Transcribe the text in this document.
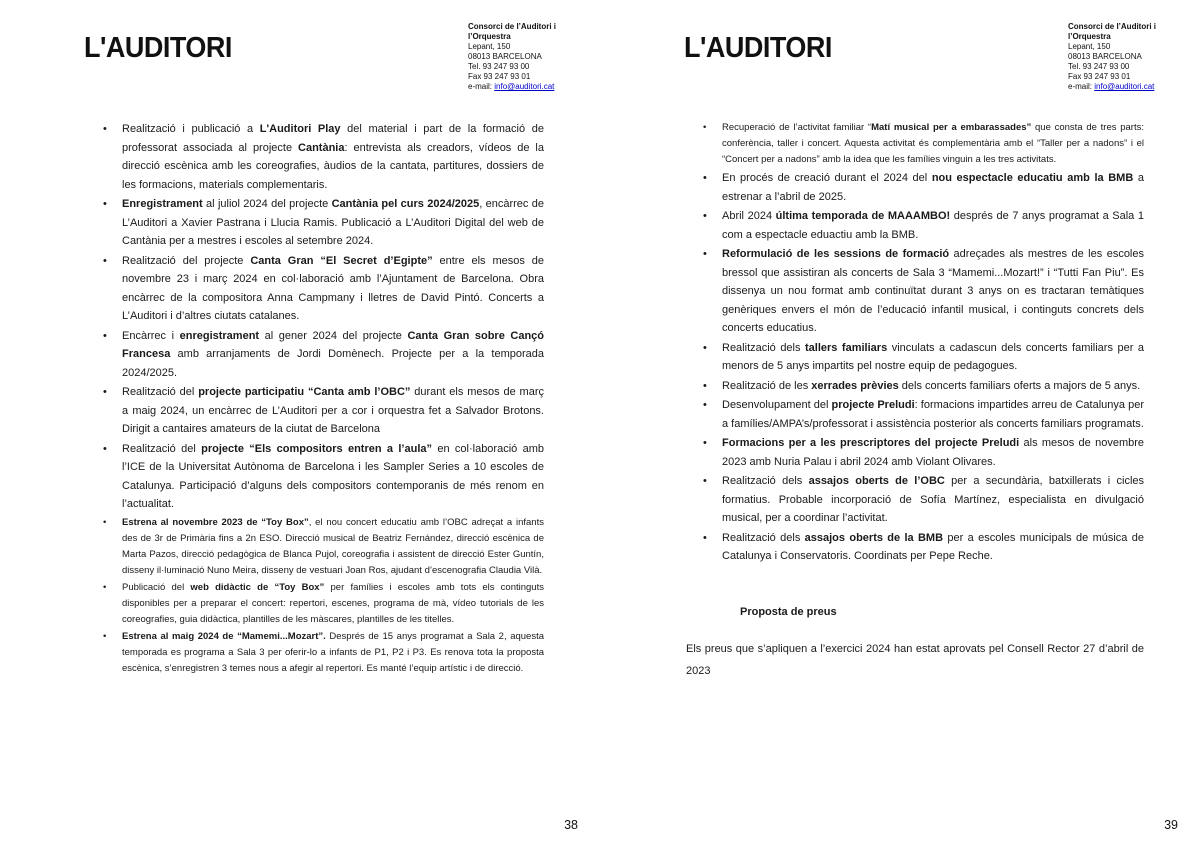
L'AUDITORI
Consorci de l’Auditori i l’Orquestra
Lepant, 150
08013 BARCELONA
Tel. 93 247 93 00
Fax 93 247 93 01
e-mail: info@auditori.cat
• Realització i publicació a L'Auditori Play del material i part de la formació de professorat associada al projecte Cantània: entrevista als creadors, vídeos de la direcció escènica amb les coreografies, àudios de la cantata, partitures, dossiers de les formacions, materials complementaris.
• Enregistrament al juliol 2024 del projecte Cantània pel curs 2024/2025, encàrrec de L’Auditori a Xavier Pastrana i Llucia Ramis. Publicació a L’Auditori Digital del web de Cantània per a mestres i escoles al setembre 2024.
• Realització del projecte Canta Gran “El Secret d’Egipte” entre els mesos de novembre 23 i març 2024 en col·laboració amb l’Ajuntament de Barcelona. Obra encàrrec de la compositora Anna Campmany i lletres de David Pintó. Concerts a L’Auditori i d’altres ciutats catalanes.
• Encàrrec i enregistrament al gener 2024 del projecte Canta Gran sobre Cançó Francesa amb arranjaments de Jordi Domènech. Projecte per a la temporada 2024/2025.
• Realització del projecte participatiu “Canta amb l’OBC” durant els mesos de març a maig 2024, un encàrrec de L’Auditori per a cor i orquestra fet a Salvador Brotons. Dirigit a cantaires amateurs de la ciutat de Barcelona
• Realització del projecte “Els compositors entren a l’aula” en col·laboració amb l’ICE de la Universitat Autònoma de Barcelona i les Sampler Series a 10 escoles de Catalunya. Participació d’alguns dels compositors contemporanis de més renom en l’actualitat.
• Estrena al novembre 2023 de “Toy Box”, el nou concert educatiu amb l’OBC adreçat a infants des de 3r de Primària fins a 2n ESO. Direcció musical de Beatriz Fernández, direcció escènica de Marta Pazos, direcció pedagògica de Blanca Pujol, coreografia i assistent de direcció Ester Guntín, disseny il·luminació Nuno Meira, disseny de vestuari Joan Ros, ajudant d’escenografia Claudia Vilà.
• Publicació del web didàctic de “Toy Box” per famílies i escoles amb tots els continguts disponibles per a preparar el concert: repertori, escenes, programa de mà, vídeo tutorials de les coreografies, guia didàctica, plantilles de les màscares, plantilles de les titelles.
• Estrena al maig 2024 de “Mamemi...Mozart”. Després de 15 anys programat a Sala 2, aquesta temporada es programa a Sala 3 per oferir-lo a infants de P1, P2 i P3. Es renova tota la proposta escènica, s’enregistren 3 temes nous a afegir al repertori. Es manté l’equip artístic i de direcció.
38
L'AUDITORI
Consorci de l’Auditori i l’Orquestra
Lepant, 150
08013 BARCELONA
Tel. 93 247 93 00
Fax 93 247 93 01
e-mail: info@auditori.cat
• Recuperació de l’activitat familiar “Matí musical per a embarassades” que consta de tres parts: conferència, taller i concert. Aquesta activitat és complementària amb el “Taller per a nadons” i el “Concert per a nadons” amb la idea que les famílies vinguin a les tres activitats.
• En procés de creació durant el 2024 del nou espectacle educatiu amb la BMB a estrenar a l’abril de 2025.
• Abril 2024 última temporada de MAAAMBO! després de 7 anys programat a Sala 1 com a espectacle eduactiu amb la BMB.
• Reformulació de les sessions de formació adreçades als mestres de les escoles bressol que assistiran als concerts de Sala 3 “Mamemi...Mozart!” i “Tutti Fan Piu”. Es dissenya un nou format amb continuïtat durant 3 anys on es tractaran temàtiques genèriques envers el món de l’educació infantil musical, i continguts concrets dels concerts educatius.
• Realització dels tallers familiars vinculats a cadascun dels concerts familiars per a menors de 5 anys impartits pel nostre equip de pedagogues.
• Realització de les xerrades prèvies dels concerts familiars oferts a majors de 5 anys.
• Desenvolupament del projecte Preludi: formacions impartides arreu de Catalunya per a famílies/AMPA’s/professorat i assistència posterior als concerts familiars programats.
• Formacions per a les prescriptores del projecte Preludi als mesos de novembre 2023 amb Nuria Palau i abril 2024 amb Violant Olivares.
• Realització dels assajos oberts de l’OBC per a secundària, batxillerats i cicles formatius. Probable incorporació de Sofía Martínez, especialista en divulgació musical, per a coordinar l’activitat.
• Realització dels assajos oberts de la BMB per a escoles municipals de música de Catalunya i Conservatoris. Coordinats per Pepe Reche.
Proposta de preus

Els preus que s’apliquen a l’exercici 2024 han estat aprovats pel Consell Rector 27 d’abril de 2023

39
